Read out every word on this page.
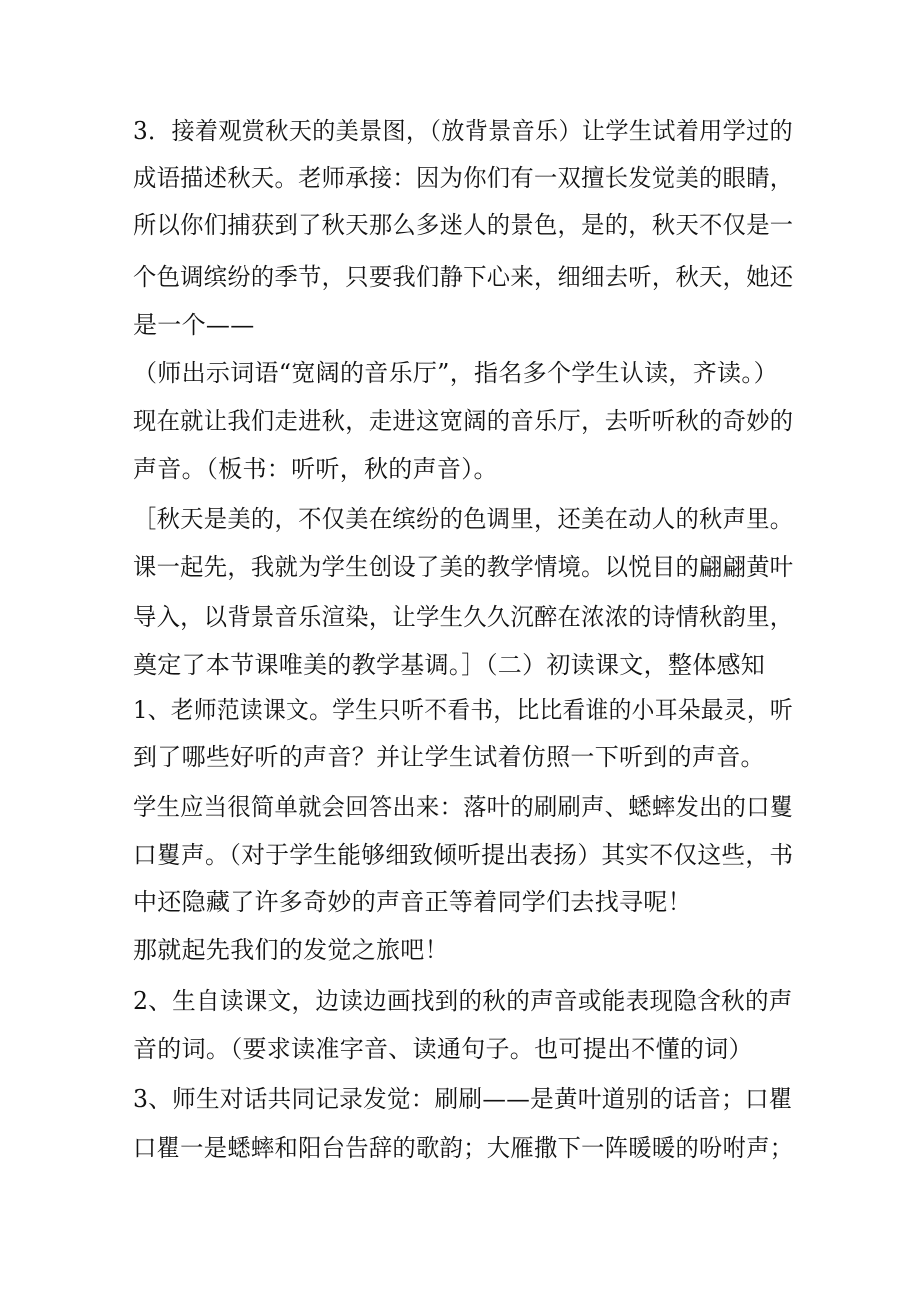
3．接着观赏秋天的美景图，（放背景音乐）让学生试着用学过的
成语描述秋天。老师承接：因为你们有一双擅长发觉美的眼睛，
所以你们捕获到了秋天那么多迷人的景色，是的，秋天不仅是一
个色调缤纷的季节，只要我们静下心来，细细去听，秋天，她还
是一个——
（师出示词语“宽阔的音乐厅”，指名多个学生认读，齐读。）
现在就让我们走进秋，走进这宽阔的音乐厅，去听听秋的奇妙的
声音。（板书：听听，秋的声音）。
［秋天是美的，不仅美在缤纷的色调里，还美在动人的秋声里。
课一起先，我就为学生创设了美的教学情境。以悦目的翩翩黄叶
导入，以背景音乐渲染，让学生久久沉醉在浓浓的诗情秋韵里，
奠定了本节课唯美的教学基调。］（二）初读课文，整体感知
1、老师范读课文。学生只听不看书，比比看谁的小耳朵最灵，听
到了哪些好听的声音？并让学生试着仿照一下听到的声音。
学生应当很简单就会回答出来：落叶的刷刷声、蟋蟀发出的口矍
口矍声。（对于学生能够细致倾听提出表扬）其实不仅这些，书
中还隐藏了许多奇妙的声音正等着同学们去找寻呢！
那就起先我们的发觉之旅吧！
2、生自读课文，边读边画找到的秋的声音或能表现隐含秋的声
音的词。（要求读准字音、读通句子。也可提出不懂的词）
3、师生对话共同记录发觉：刷刷——是黄叶道别的话音；口瞿
口瞿一是蟋蟀和阳台告辞的歌韵；大雁撒下一阵暖暖的吩咐声；
